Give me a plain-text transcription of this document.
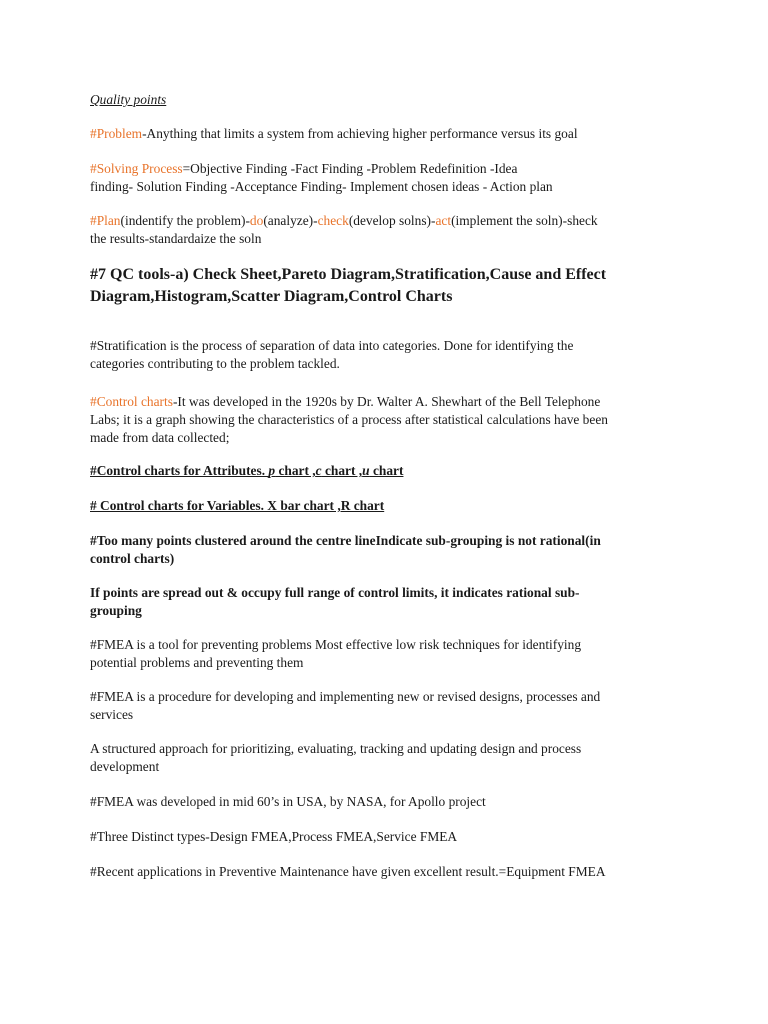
Quality points

#Problem-Anything that limits a system from achieving higher performance versus its goal

#Solving Process=Objective Finding -Fact Finding -Problem Redefinition -Idea
finding- Solution Finding -Acceptance Finding- Implement chosen ideas - Action plan

#Plan(indentify the problem)-do(analyze)-check(develop solns)-act(implement the soln)-sheck
the results-standardaize the soln

#7 QC tools-a) Check Sheet,Pareto Diagram,Stratification,Cause and Effect
Diagram,Histogram,Scatter Diagram,Control Charts

#Stratification is the process of separation of data into categories. Done for identifying the
categories contributing to the problem tackled.

#Control charts-It was developed in the 1920s by Dr. Walter A. Shewhart of the Bell Telephone
Labs; it is a graph showing the characteristics of a process after statistical calculations have been
made from data collected;

#Control charts for Attributes. p chart ,c chart ,u chart

# Control charts for Variables. X bar chart ,R chart

#Too many points clustered around the centre lineIndicate sub-grouping is not rational(in
control charts)

If points are spread out & occupy full range of control limits, it indicates rational sub-
grouping

#FMEA is a tool for preventing problems Most effective low risk techniques for identifying
potential problems and preventing them

#FMEA is a procedure for developing and implementing new or revised designs, processes and
services

A structured approach for prioritizing, evaluating, tracking and updating design and process
development

#FMEA was developed in mid 60’s in USA, by NASA, for Apollo project

#Three Distinct types-Design FMEA,Process FMEA,Service FMEA

#Recent applications in Preventive Maintenance have given excellent result.=Equipment FMEA
